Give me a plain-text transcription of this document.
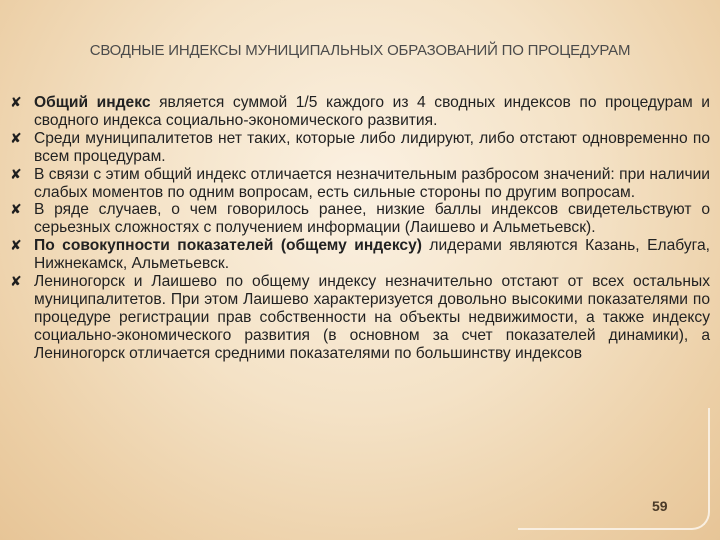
СВОДНЫЕ ИНДЕКСЫ МУНИЦИПАЛЬНЫХ ОБРАЗОВАНИЙ ПО ПРОЦЕДУРАМ
✘ Общий индекс является суммой 1/5 каждого из 4 сводных индексов по процедурам и сводного индекса социально-экономического развития.
✘ Среди муниципалитетов нет таких, которые либо лидируют, либо отстают одновременно по всем процедурам.
✘ В связи с этим общий индекс отличается незначительным разбросом значений: при наличии слабых моментов по одним вопросам, есть сильные стороны по другим вопросам.
✘ В ряде случаев, о чем говорилось ранее, низкие баллы индексов свидетельствуют о серьезных сложностях с получением информации (Лаишево и Альметьевск).
✘ По совокупности показателей (общему индексу) лидерами являются Казань, Елабуга, Нижнекамск, Альметьевск.
✘ Лениногорск и Лаишево по общему индексу незначительно отстают от всех остальных муниципалитетов. При этом Лаишево характеризуется довольно высокими показателями по процедуре регистрации прав собственности на объекты недвижимости, а также индексу социально-экономического развития (в основном за счет показателей динамики), а Лениногорск отличается средними показателями по большинству индексов
59
